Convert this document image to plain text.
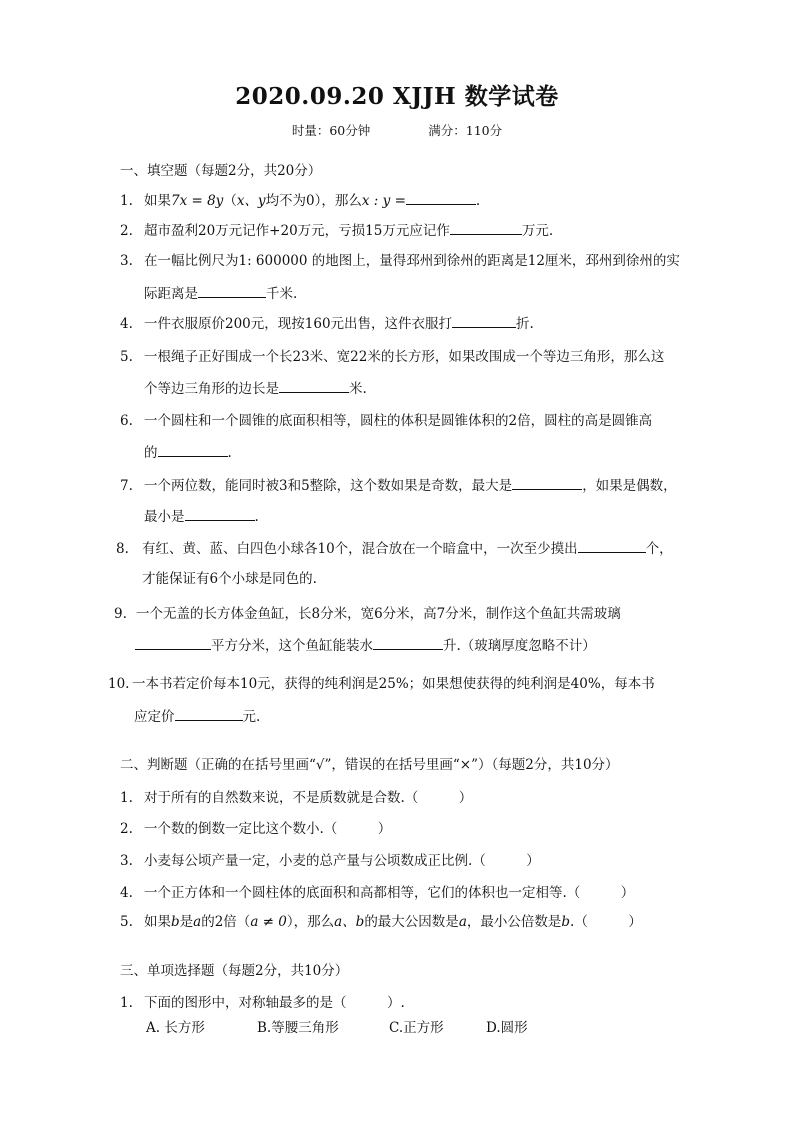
2020.09.20 XJJH 数学试卷
时量：60分钟	满分：110分
一、填空题（每题2分，共20分）
1. 如果7x = 8y（x、y均不为0），那么x : y =	.
2. 超市盈利20万元记作+20万元，亏损15万元应记作	万元.
3. 在一幅比例尺为1: 600000 的地图上，量得邳州到徐州的距离是12厘米，邳州到徐州的实
际距离是	千米.
4. 一件衣服原价200元，现按160元出售，这件衣服打	折.
5. 一根绳子正好围成一个长23米、宽22米的长方形，如果改围成一个等边三角形，那么这
个等边三角形的边长是	米.
6. 一个圆柱和一个圆锥的底面积相等，圆柱的体积是圆锥体积的2倍，圆柱的高是圆锥高
的	.
7. 一个两位数，能同时被3和5整除，这个数如果是奇数，最大是	，如果是偶数，
最小是	.
8. 有红、黄、蓝、白四色小球各10个，混合放在一个暗盒中，一次至少摸出	个，
才能保证有6个小球是同色的.
9. 一个无盖的长方体金鱼缸，长8分米，宽6分米，高7分米，制作这个鱼缸共需玻璃
平方分米，这个鱼缸能装水	升.（玻璃厚度忽略不计）
10. 一本书若定价每本10元，获得的纯利润是25%；如果想使获得的纯利润是40%，每本书
应定价	元.
二、判断题（正确的在括号里画“√”，错误的在括号里画“×”）（每题2分，共10分）
1. 对于所有的自然数来说，不是质数就是合数.（　　　）
2. 一个数的倒数一定比这个数小.（　　　）
3. 小麦每公顷产量一定，小麦的总产量与公顷数成正比例.（　　　）
4. 一个正方体和一个圆柱体的底面积和高都相等，它们的体积也一定相等.（　　　）
5. 如果b是a的2倍（a ≠ 0），那么a、b的最大公因数是a，最小公倍数是b.（　　　）
三、单项选择题（每题2分，共10分）
1. 下面的图形中，对称轴最多的是（　　　）.
A. 长方形	B.等腰三角形	C.正方形	D.圆形
